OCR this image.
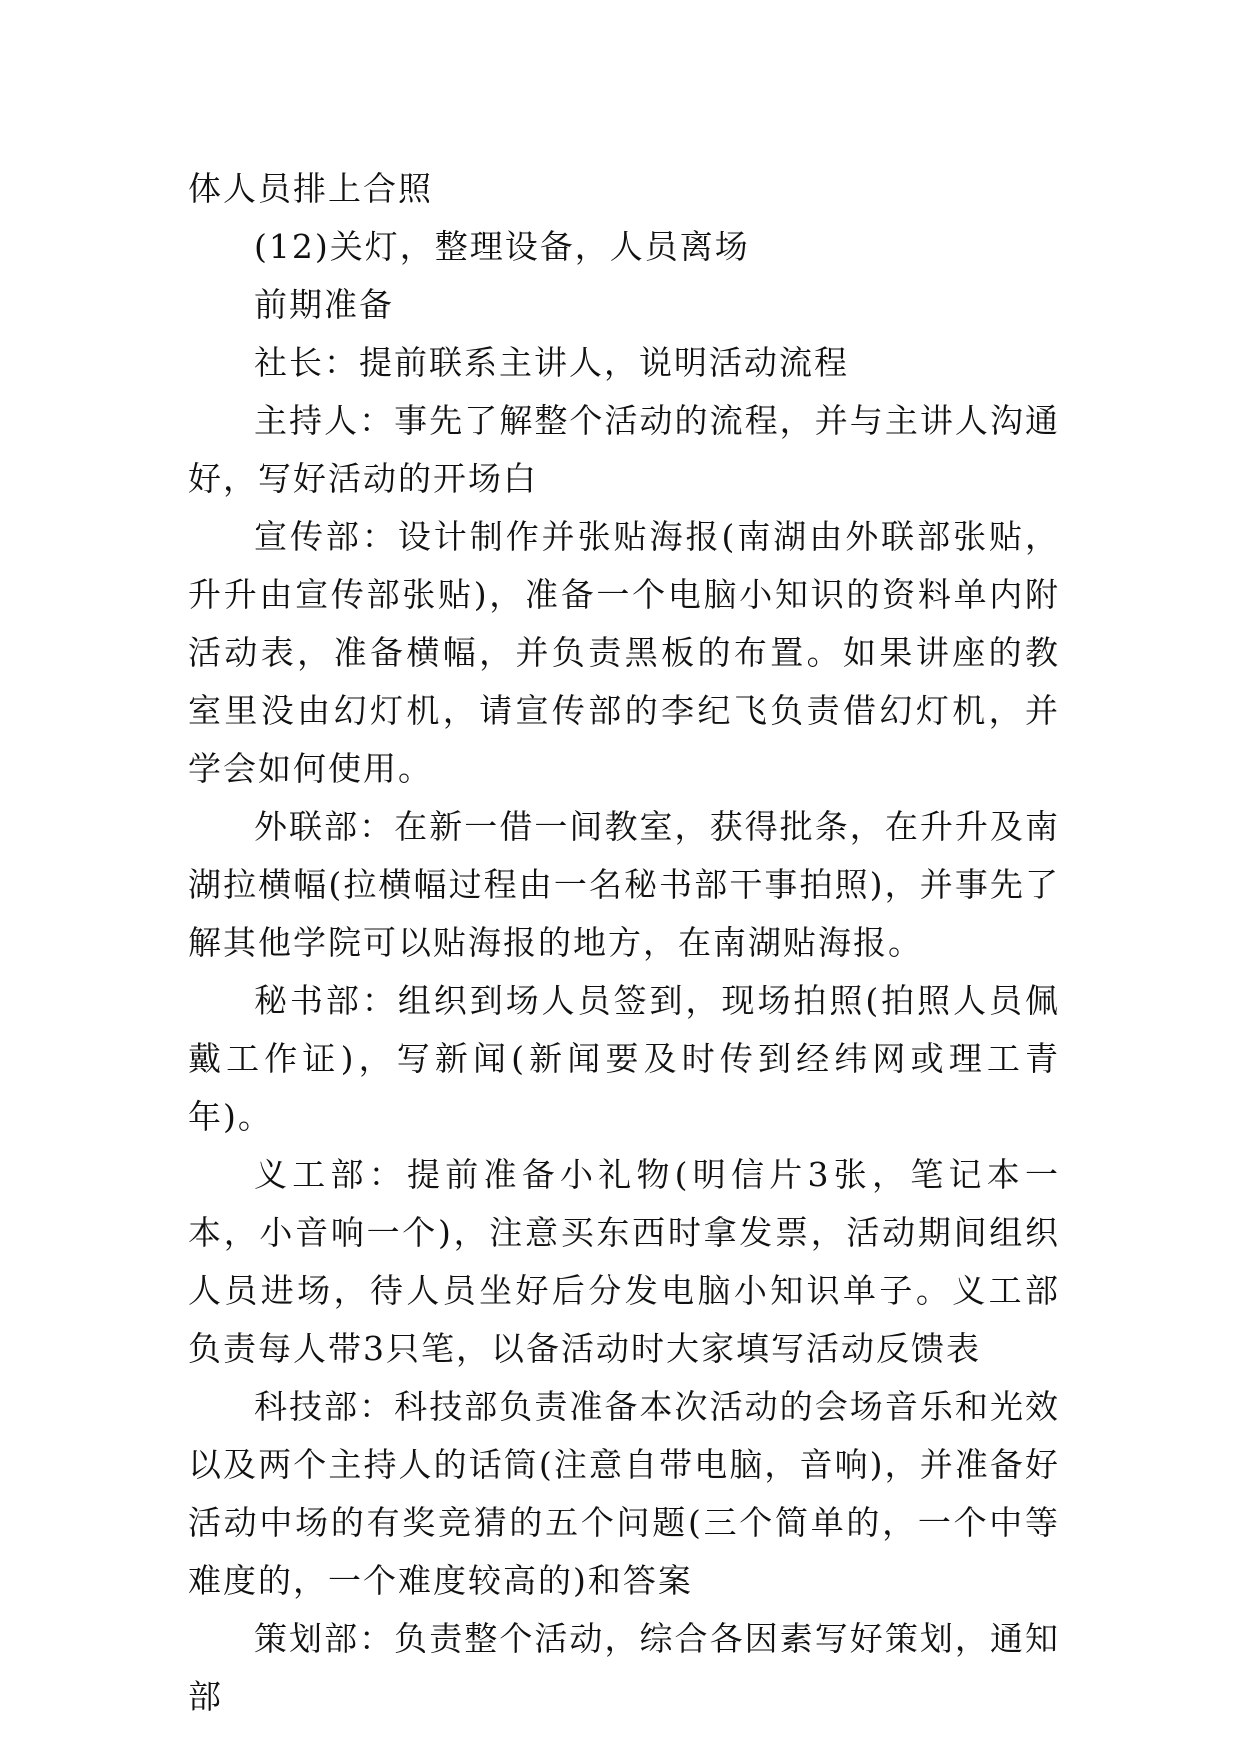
体人员排上合照

(12)关灯，整理设备，人员离场

前期准备

社长：提前联系主讲人，说明活动流程

主持人：事先了解整个活动的流程，并与主讲人沟通好，写好活动的开场白

宣传部：设计制作并张贴海报(南湖由外联部张贴，升升由宣传部张贴)，准备一个电脑小知识的资料单内附活动表，准备横幅，并负责黑板的布置。如果讲座的教室里没由幻灯机，请宣传部的李纪飞负责借幻灯机，并学会如何使用。

外联部：在新一借一间教室，获得批条，在升升及南湖拉横幅(拉横幅过程由一名秘书部干事拍照)，并事先了解其他学院可以贴海报的地方，在南湖贴海报。

秘书部：组织到场人员签到，现场拍照(拍照人员佩戴工作证)，写新闻(新闻要及时传到经纬网或理工青年)。

义工部：提前准备小礼物(明信片3张，笔记本一本，小音响一个)，注意买东西时拿发票，活动期间组织人员进场，待人员坐好后分发电脑小知识单子。义工部负责每人带3只笔，以备活动时大家填写活动反馈表

科技部：科技部负责准备本次活动的会场音乐和光效以及两个主持人的话筒(注意自带电脑，音响)，并准备好活动中场的有奖竞猜的五个问题(三个简单的，一个中等难度的，一个难度较高的)和答案

策划部：负责整个活动，综合各因素写好策划，通知部
